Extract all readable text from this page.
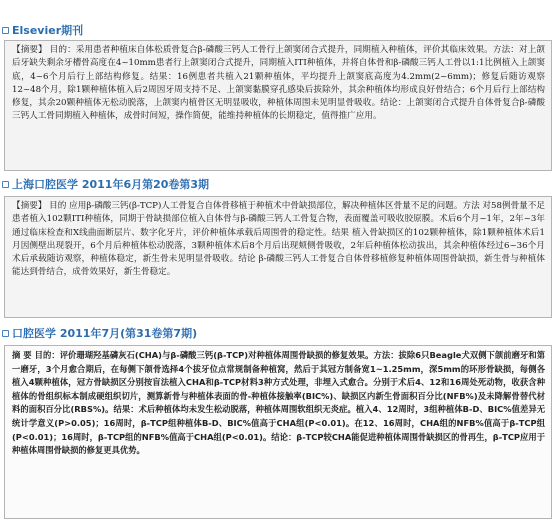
Elsevier期刊
【摘要】 目的：采用患者种植床自体松质骨复合β-磷酸三钙人工骨行上颌窦闭合式提升，同期植入种植体，评价其临床效果。方法：对上颌后牙缺失剩余牙槽骨高度在4~10mm患者行上颌窦闭合式提升，同期植入ITI种植体，并将自体骨和β-磷酸三钙人工骨以1:1比例植入上颌窦底，4~6个月后行上部结构修复。结果：16例患者共植入21颗种植体，平均提升上颌窦底高度为4.2mm(2~6mm)；修复后随访观察12~48个月，除1颗种植体植入后2周因牙周支持不足、上颌窦黏膜穿孔感染后拔除外，其余种植体均形成良好骨结合；6个月后行上部结构修复，其余20颗种植体无松动脱落，上颌窦内植骨区无明显吸收，种植体周围未见明显骨吸收。结论：上颌窦闭合式提升自体骨复合β-磷酸三钙人工骨同期植入种植体，成骨时间短，操作简便，能维持种植体的长期稳定，值得推广应用。
上海口腔医学 2011年6月第20卷第3期
【摘要】 目的 应用β-磷酸三钙(β-TCP)人工骨复合自体骨移植于种植术中骨缺损部位，解决种植体区骨量不足的问题。方法 对58例骨量不足患者植入102颗ITI种植体，同期于骨缺损部位植入自体骨与β-磷酸三钙人工骨复合物，表面覆盖可吸收胶原膜。术后6个月~1年，2年~3年通过临床检查和X线曲面断层片、数字化牙片，评价种植体承载后周围骨的稳定性。结果 植入骨缺损区的102颗种植体，除1颗种植体术后1月因侧壁出现裂开，6个月后种植体松动脱落，3颗种植体术后8个月后出现颊侧骨吸收，2年后种植体松动拔出，其余种植体经过6~36个月术后承载随访观察，种植体稳定，新生骨未见明显骨吸收。结论 β-磷酸三钙人工骨复合自体骨移植修复种植体周围骨缺损，新生骨与种植体能达到骨结合，成骨效果好，新生骨稳定。
口腔医学 2011年7月(第31卷第7期)
摘 要 目的：评价珊瑚羟基磷灰石(CHA)与β-磷酸三钙(β-TCP)对种植体周围骨缺损的修复效果。方法：拔除6只Beagle犬双侧下颌前磨牙和第一磨牙，3个月愈合期后，在每侧下颌骨选择4个拔牙位点常规制备种植窝，然后于其冠方制备宽1~1.25mm，深5mm的环形骨缺损，每侧各植入4颗种植体，冠方骨缺损区分别按盲法植入CHA和β-TCP材料3种方式处理，非埋入式愈合。分别于术后4、12和16周处死动物，收获含种植体的骨组织标本制成硬组织切片，测算新骨与种植体表面的骨-种植体接触率(BIC%)、缺损区内新生骨面积百分比(NFB%)及未降解骨替代材料的面积百分比(RBS%)。结果：术后种植体均未发生松动脱落，种植体周围软组织无炎症。植入4、12周时，3组种植体B-D、BIC%值差异无统计学意义(P>0.05)；16周时，β-TCP组种植体B-D、BIC%值高于CHA组(P<0.01)。在12、16周时，CHA组的NFB%值高于β-TCP组(P<0.01)；16周时，β-TCP组的NFB%值高于CHA组(P<0.01)。结论：β-TCP较CHA能促进种植体周围骨缺损区的骨再生，β-TCP应用于种植体周围骨缺损的修复更具优势。
